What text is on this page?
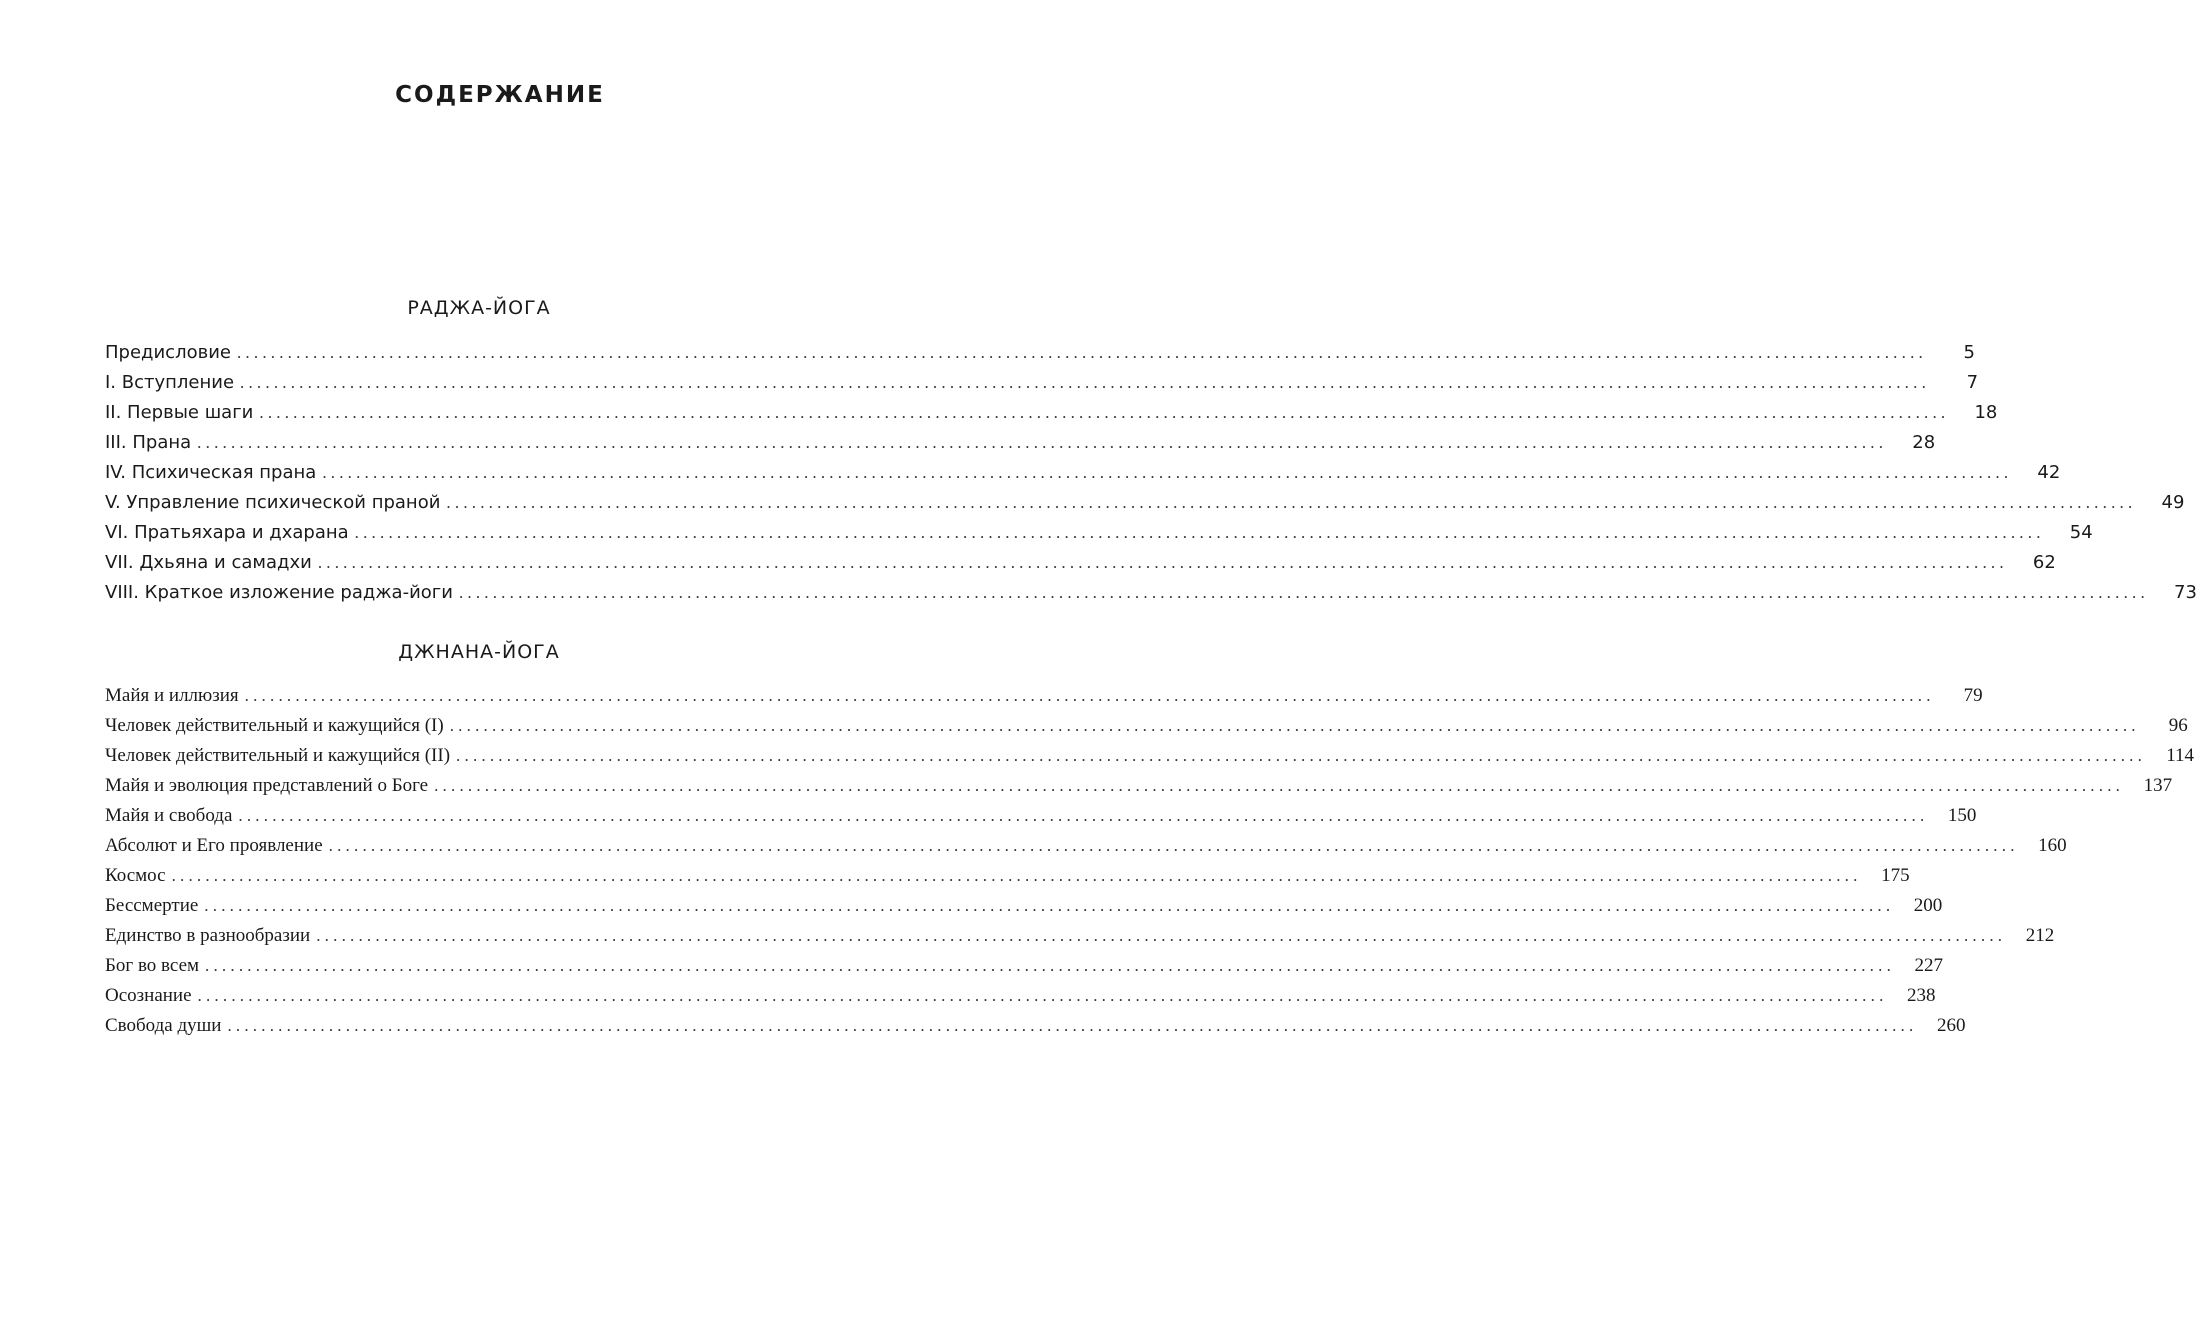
СОДЕРЖАНИЕ
РАДЖА-ЙОГА
Предисловие ........................................................................................................................................................................................................	5
I. Вступление ........................................................................................................................................................................................................	7
II. Первые шаги ........................................................................................................................................................................................................	18
III. Прана ........................................................................................................................................................................................................	28
IV. Психическая прана ........................................................................................................................................................................................................	42
V. Управление психической праной ........................................................................................................................................................................................................	49
VI. Пратьяхара и дхарана ........................................................................................................................................................................................................	54
VII. Дхьяна и самадхи ........................................................................................................................................................................................................	62
VIII. Краткое изложение раджа-йоги ........................................................................................................................................................................................................	73
ДЖНАНА-ЙОГА
Майя и иллюзия ........................................................................................................................................................................................................	79
Человек действительный и кажущийся (I) ........................................................................................................................................................................................................	96
Человек действительный и кажущийся (II) ........................................................................................................................................................................................................	114
Майя и эволюция представлений о Боге ........................................................................................................................................................................................................	137
Майя и свобода ........................................................................................................................................................................................................	150
Абсолют и Его проявление ........................................................................................................................................................................................................	160
Космос ........................................................................................................................................................................................................	175
Бессмертие ........................................................................................................................................................................................................	200
Единство в разнообразии ........................................................................................................................................................................................................	212
Бог во всем ........................................................................................................................................................................................................	227
Осознание ........................................................................................................................................................................................................	238
Свобода души ........................................................................................................................................................................................................	260
